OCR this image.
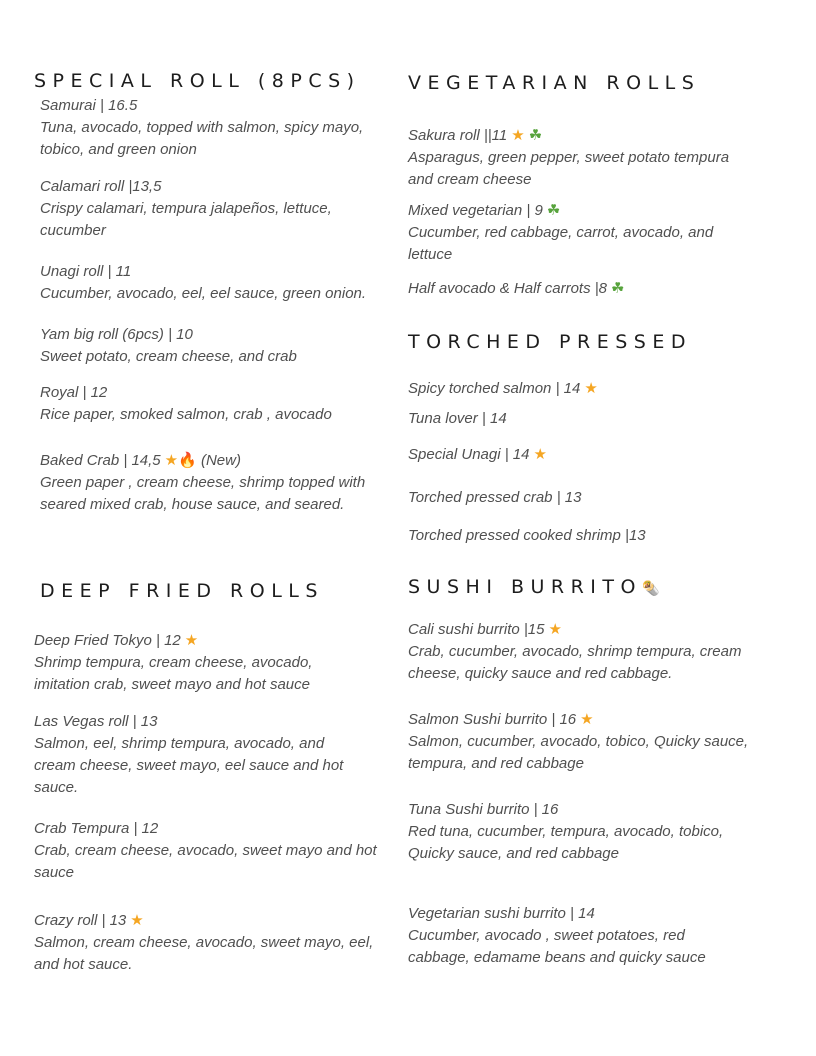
SPECIAL ROLL (8PCS)
Samurai | 16.5
Tuna, avocado, topped with salmon, spicy mayo, tobico, and green onion
Calamari roll |13,5
Crispy calamari, tempura jalapeños, lettuce, cucumber
Unagi roll | 11
Cucumber, avocado, eel, eel sauce, green onion.
Yam big roll (6pcs) | 10
Sweet potato, cream cheese, and crab
Royal | 12
Rice paper, smoked salmon, crab , avocado
Baked Crab | 14,5 ★🔥 (New)
Green paper , cream cheese, shrimp topped with seared mixed crab, house sauce, and seared.
DEEP FRIED ROLLS
Deep Fried Tokyo | 12 ★
Shrimp tempura, cream cheese, avocado, imitation crab, sweet mayo and hot sauce
Las Vegas roll | 13
Salmon, eel, shrimp tempura, avocado, and cream cheese, sweet mayo, eel sauce and hot sauce.
Crab Tempura | 12
Crab, cream cheese, avocado, sweet mayo and hot sauce
Crazy roll | 13 ★
Salmon, cream cheese, avocado, sweet mayo, eel, and hot sauce.
VEGETARIAN ROLLS
Sakura roll ||11 ★ ☘
Asparagus, green pepper, sweet potato tempura and cream cheese
Mixed vegetarian | 9 ☘
Cucumber, red cabbage, carrot, avocado, and lettuce
Half avocado & Half carrots |8 ☘
TORCHED PRESSED
Spicy torched salmon | 14 ★
Tuna lover | 14
Special Unagi | 14 ★
Torched pressed crab | 13
Torched pressed cooked shrimp |13
SUSHI BURRITO🌯
Cali sushi burrito |15 ★
Crab, cucumber, avocado, shrimp tempura, cream cheese, quicky sauce and red cabbage.
Salmon Sushi burrito | 16 ★
Salmon, cucumber, avocado, tobico, Quicky sauce, tempura, and red cabbage
Tuna Sushi burrito | 16
Red tuna, cucumber, tempura, avocado, tobico, Quicky sauce, and red cabbage
Vegetarian sushi burrito | 14
Cucumber, avocado , sweet potatoes, red cabbage, edamame beans and quicky sauce
